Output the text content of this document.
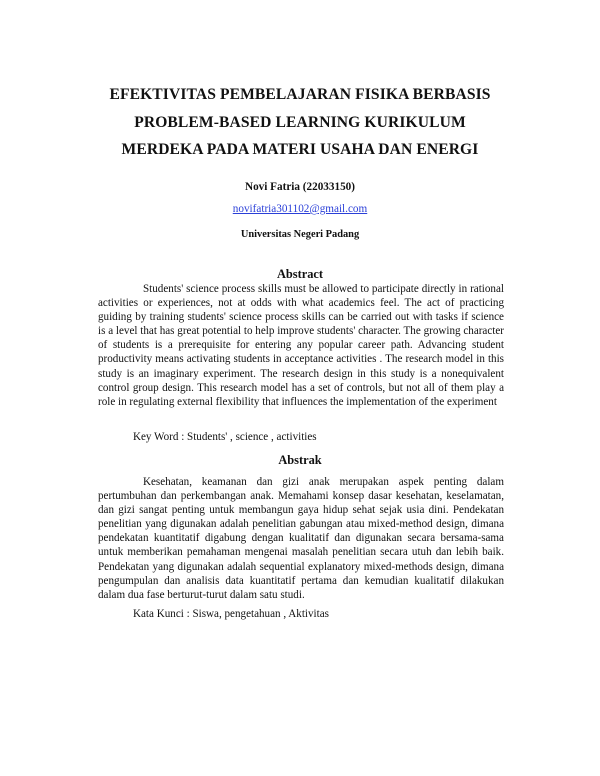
EFEKTIVITAS PEMBELAJARAN FISIKA BERBASIS
PROBLEM-BASED LEARNING KURIKULUM
MERDEKA PADA MATERI USAHA DAN ENERGI

Novi Fatria (22033150)

novifatria301102@gmail.com

Universitas Negeri Padang

Abstract

Students' science process skills must be allowed to participate directly in rational activities or experiences, not at odds with what academics feel. The act of practicing guiding by training students' science process skills can be carried out with tasks if science is a level that has great potential to help improve students' character. The growing character of students is a prerequisite for entering any popular career path. Advancing student productivity means activating students in acceptance activities . The research model in this study is an imaginary experiment. The research design in this study is a nonequivalent control group design. This research model has a set of controls, but not all of them play a role in regulating external flexibility that influences the implementation of the experiment

Key Word : Students' , science , activities

Abstrak

Kesehatan, keamanan dan gizi anak merupakan aspek penting dalam pertumbuhan dan perkembangan anak. Memahami konsep dasar kesehatan, keselamatan, dan gizi sangat penting untuk membangun gaya hidup sehat sejak usia dini. Pendekatan penelitian yang digunakan adalah penelitian gabungan atau mixed-method design, dimana pendekatan kuantitatif digabung dengan kualitatif dan digunakan secara bersama-sama untuk memberikan pemahaman mengenai masalah penelitian secara utuh dan lebih baik. Pendekatan yang digunakan adalah sequential explanatory mixed-methods design, dimana pengumpulan dan analisis data kuantitatif pertama dan kemudian kualitatif dilakukan dalam dua fase berturut-turut dalam satu studi.

Kata Kunci : Siswa, pengetahuan , Aktivitas
